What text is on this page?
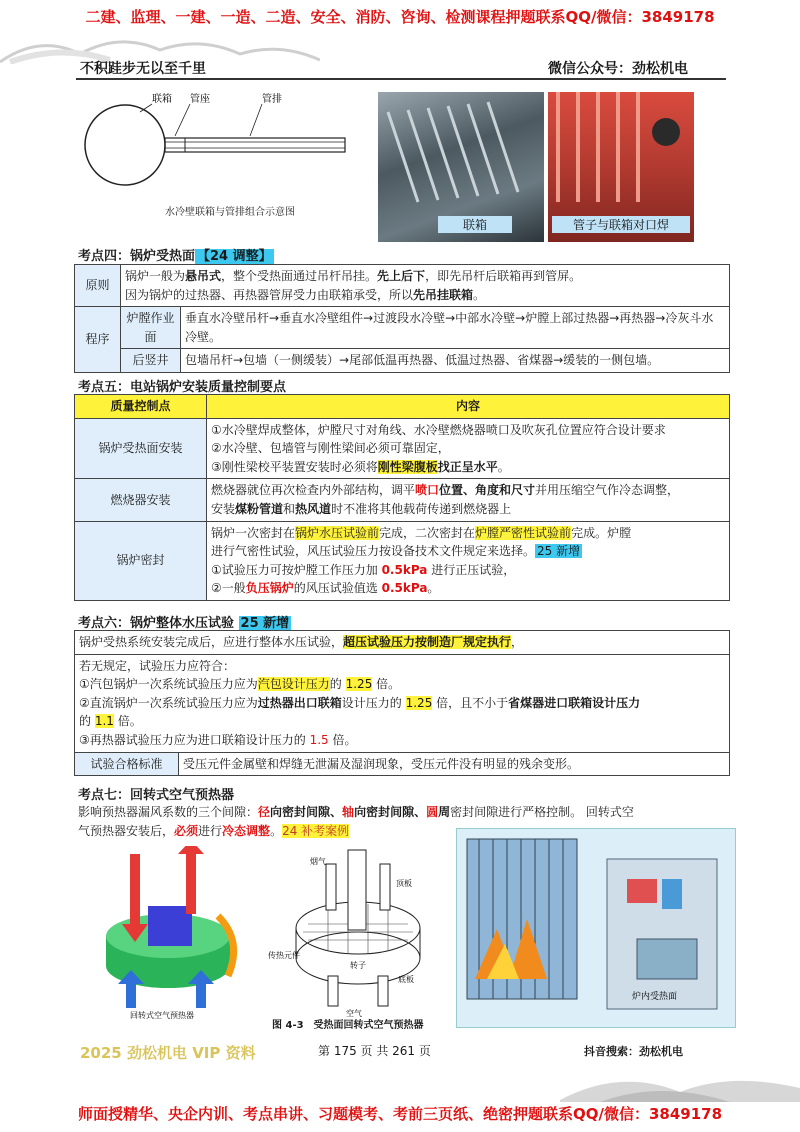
二建、监理、一建、一造、二造、安全、消防、咨询、检测课程押题联系QQ/微信：3849178
不积跬步无以至千里	微信公众号：劲松机电
联箱 管座	管排
水冷壁联箱与管排组合示意图
联箱	管子与联箱对口焊
考点四：锅炉受热面 【24 调整】
原则	锅炉一般为悬吊式，整个受热面通过吊杆吊挂。先上后下，即先吊杆后联箱再到管屏。
因为锅炉的过热器、再热器管屏受力由联箱承受，所以先吊挂联箱。	
程序	炉膛作业面	垂直水冷壁吊杆→垂直水冷壁组件→过渡段水冷壁→中部水冷壁→炉膛上部过热器→再热器→冷灰斗水冷壁。
	后竖井	包墙吊杆→包墙（一侧缓装）→尾部低温再热器、低温过热器、省煤器→缓装的一侧包墙。
考点五：电站锅炉安装质量控制要点
质量控制点	内容
锅炉受热面安装	①水冷壁焊成整体，炉膛尺寸对角线、水冷壁燃烧器喷口及吹灰孔位置应符合设计要求
②水冷壁、包墙管与刚性梁间必须可靠固定，
③刚性梁校平装置安装时必须将刚性梁腹板找正呈水平。
燃烧器安装	燃烧器就位再次检查内外部结构，调平喷口位置、角度和尺寸并用压缩空气作冷态调整，
安装煤粉管道和热风道时不准将其他载荷传递到燃烧器上
锅炉密封	锅炉一次密封在锅炉水压试验前完成，二次密封在炉膛严密性试验前完成。炉膛
进行气密性试验，风压试验压力按设备技术文件规定来选择。 25 新增
①试验压力可按炉膛工作压力加 0.5kPa 进行正压试验，
②一般负压锅炉的风压试验值选 0.5kPa。
考点六：锅炉整体水压试验 25 新增
锅炉受热系统安装完成后，应进行整体水压试验，超压试验压力按制造厂规定执行，
若无规定，试验压力应符合：
①汽包锅炉一次系统试验压力应为汽包设计压力的 1.25 倍。
②直流锅炉一次系统试验压力应为过热器出口联箱设计压力的 1.25 倍，且不小于省煤器进口联箱设计压力
的 1.1 倍。
③再热器试验压力应为进口联箱设计压力的 1.5 倍。
试验合格标准	受压元件金属壁和焊缝无泄漏及湿润现象，受压元件没有明显的残余变形。
考点七：回转式空气预热器
影响预热器漏风系数的三个间隙：径向密封间隙、轴向密封间隙、圆周密封间隙进行严格控制。 回转式空
气预热器安装后，必须进行冷态调整。24 补考案例
回转式空气预热器
烟气
顶板
传热元件
转子
底板
空气
图 4-3　受热面回转式空气预热器
炉内受热面
2025 劲松机电 VIP 资料	第 175 页 共 261 页	抖音搜索：劲松机电
师面授精华、央企内训、考点串讲、习题模考、考前三页纸、绝密押题联系QQ/微信：3849178
